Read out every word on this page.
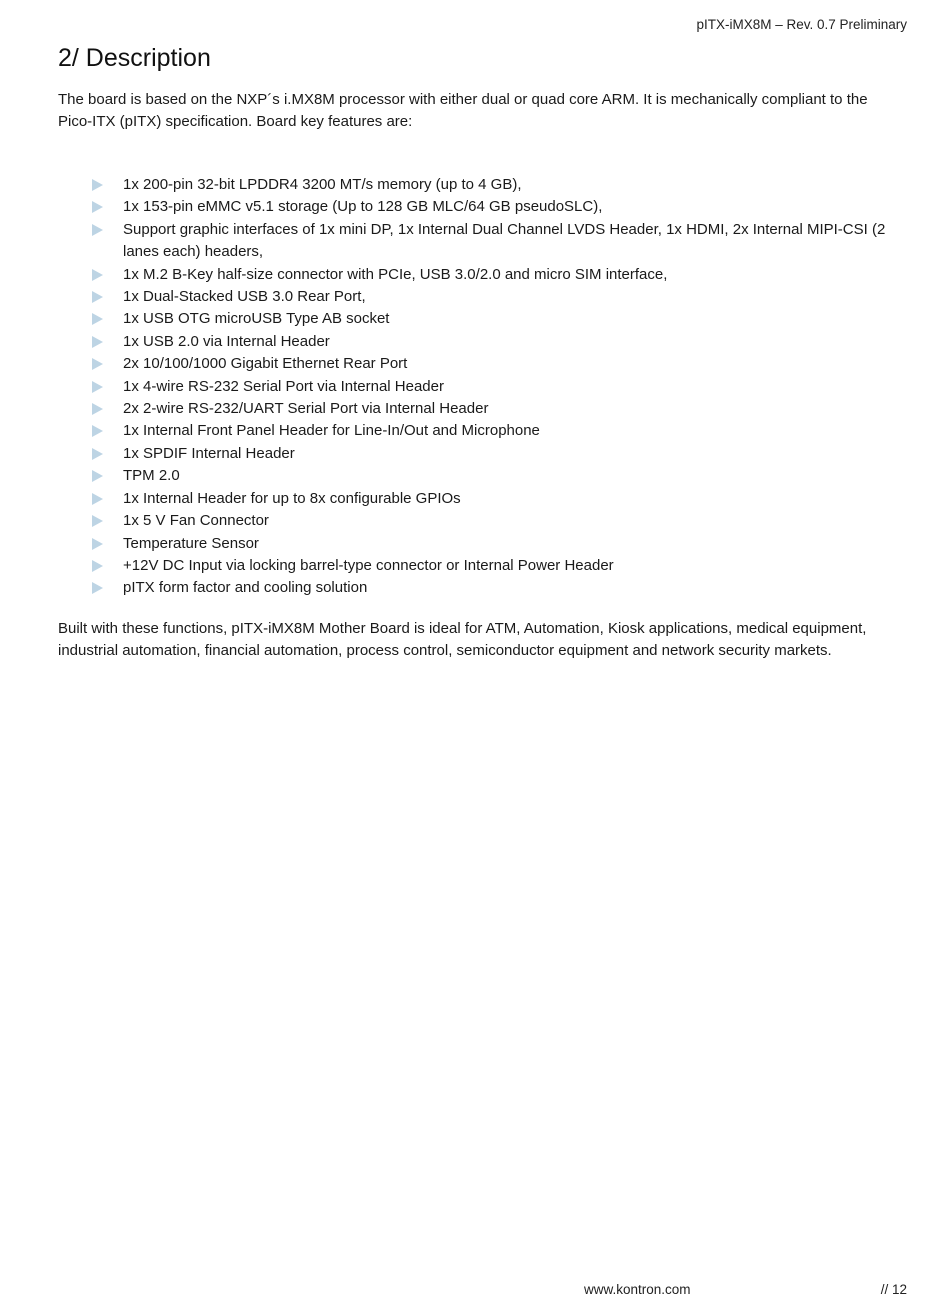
pITX-iMX8M – Rev. 0.7 Preliminary
2/ Description

The board is based on the NXP´s i.MX8M processor with either dual or quad core ARM. It is mechanically compliant to the Pico-ITX (pITX) specification. Board key features are:

1x 200-pin 32-bit LPDDR4 3200 MT/s memory (up to 4 GB),
1x 153-pin eMMC v5.1 storage (Up to 128 GB MLC/64 GB pseudoSLC),
Support graphic interfaces of 1x mini DP, 1x Internal Dual Channel LVDS Header, 1x HDMI, 2x Internal MIPI-CSI (2 lanes each) headers,
1x M.2 B-Key half-size connector with PCIe, USB 3.0/2.0 and micro SIM interface,
1x Dual-Stacked USB 3.0 Rear Port,
1x USB OTG microUSB Type AB socket
1x USB 2.0 via Internal Header
2x 10/100/1000 Gigabit Ethernet Rear Port
1x 4-wire RS-232 Serial Port via Internal Header
2x 2-wire RS-232/UART Serial Port via Internal Header
1x Internal Front Panel Header for Line-In/Out and Microphone
1x SPDIF Internal Header
TPM 2.0
1x Internal Header for up to 8x configurable GPIOs
1x 5 V Fan Connector
Temperature Sensor
+12V DC Input via locking barrel-type connector or Internal Power Header
pITX form factor and cooling solution

Built with these functions, pITX-iMX8M Mother Board is ideal for ATM, Automation, Kiosk applications, medical equipment, industrial automation, financial automation, process control, semiconductor equipment and network security markets.

www.kontron.com	// 12
